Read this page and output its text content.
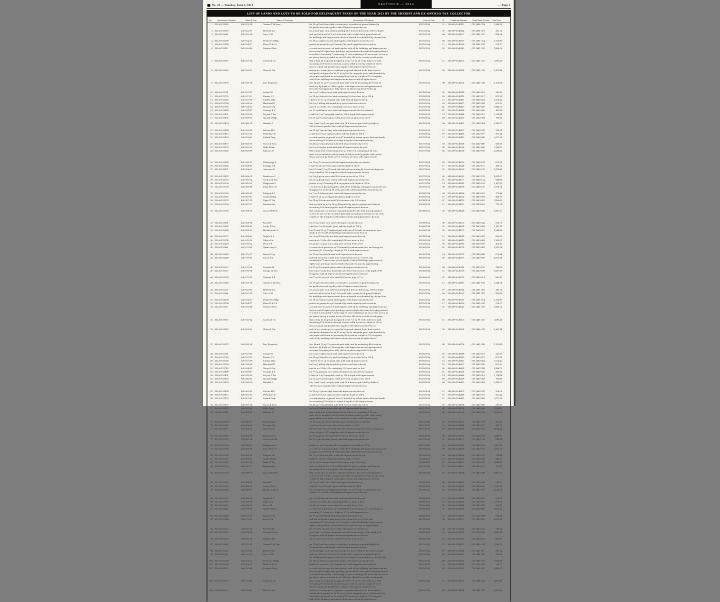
No. 24 — Tuesday, June 3, 2014	— Page 1
SECTION B — 1042
LIST OF LANDS AND LOTS TO BE SOLD FOR DELINQUENT TAXES OF THE YEAR 2013 BY THE SHERIFF AND EX-OFFICIO TAX COLLECTOR
No.	Assessment Number	Ward & Item	Name of Taxpayer	Description of Property	Date of Sale	Cl.	Certificate Number	Deed Book & Folio Total Due
1 2014-0112483	041-552-18	Abrams T & Sons	lot 12 sq 8 oak lawn subd a certain piece or portion of ground situated in
the parish aforesaid together with all improvements thereon
06/25/2014	12 2014-R-0148291	CB 2481-194	1,248.36
2 2014-0112507	041-553-02	Bellford Est	lot 4 sq 22 pine crest subd measuring 60 ft front on third st by 120 ft in depth	06/25/2014	07 2014-R-0148304	CB 2481-201	382.14
3 2014-0112541	041-553-19	Carro J M	und one half int in lot 9 sq 14 riverside add a certain lot of ground with all
the buildings and improvements thereon situated in sq bounded by elm and vine
06/25/2014	04 2014-R-0148317	CB 2481-207	964.50
4 2014-0112568	041-554-11	Delacroix Hldgs	lot 18 sq 3 fairview park subd together with improvements thereon	06/25/2014	09 2014-R-0148322	CB 2481-214	1,730.92
5 2014-0112594	041-554-37	Ebsen R & Co	portion of ground in sq 41 bounded by canal magnolia and second sts	06/25/2014	11 2014-R-0148336	CB 2481-220	518.77
6 2014-0112611	041-555-08	Fontenot Bros	a certain tract or parcel of land together with all the buildings and improvements
thereon and all rights ways privileges and servitudes thereunto belonging situated
in section 14 township 7 south range 11 east containing 2.45 acres more or less as
per plat of survey recorded in cob 412 folio 188 of the records of said parish
06/25/2014	03 2014-R-0148341	CB 2481-226	2,804.13
7 2014-0112637	041-555-24	Garrity & Co	that certain lot of ground designated as lot 7 of sq 19 of the belleview subd
measuring 50 ft front on chestnut st same width in rear by a depth of 150 ft
between equal and parallel lines together with improvements thereon
06/25/2014	15 2014-R-0148355	CB 2481-233	1,092.40
8 2014-0112652	041-556-01	Hebert L Est	und int in a certain piece or portion of ground situated in the third ward of
said parish designated as lot 22 of sq 8 of the magnolia grove subd bounded by
oak poplar and fourth sts measuring 60 ft front by a depth of 135 ft together
with all the buildings and improvements thereon and all rights thereto
06/25/2014	03 2014-R-0148368	CB 2481-239	3,415.88
9 2014-0112679	041-556-18	Istre Properties	lots 14 and 15 sq 27 crestwood park subd each lot measuring 40 ft front on
birch ave by depth of 110 ft together with improvements and appurtenances
thereunto belonging more fully shown on plat in map book 9 folio 44
06/25/2014	08 2014-R-0148374	CB 2481-246	2,156.09
10 2014-0112701	041-557-03	Jenlain M	lot 3 sq 12 willow bend subd with improvements thereon	06/26/2014	02 2014-R-0148389	CB 2482-011	241.65
11 2014-0112726	041-557-21	Kastner P J	lot 29 sq 6 lakeside terr subd measuring 55 ft on shore dr by 125 ft	06/26/2014	05 2014-R-0148395	CB 2482-017	873.20
12 2014-0112748	041-557-39	Labiche Rlty	s half of lot 11 sq 31 grand oaks subd with all improvements	06/26/2014	13 2014-R-0148401	CB 2482-024	1,510.45
13 2014-0112764	041-558-14	Marchand D	lot 8 sq 2 hilltop add bounded by first second and cedar sts	06/26/2014	10 2014-R-0148417	CB 2482-030	655.31
14 2014-0112785	041-558-32	Norwell Grp	tract in sec 22 t8s r12e containing 1.10 acres more or less	06/26/2014	06 2014-R-0148423	CB 2482-038	1,984.72
15 2014-0112809	041-559-07	Ocampo R V	lot 17 sq 44 bayou view subd with improvements thereon situated	06/26/2014	01 2014-R-0148438	CB 2482-045	432.96
16 2014-0112831	041-559-26	Prejean T Est	n half lot 5 sq 9 sunnydale subd by 130 ft depth with improvements	06/26/2014	14 2014-R-0148444	CB 2482-051	1,118.08
17 2014-0112856	041-560-02	Quentin Hldgs	lot 31 sq 18 orchard grove subd 45 ft front on plum st by 115 ft	06/26/2014	09 2014-R-0148459	CB 2482-058	766.83
18 2014-0112874	041-560-19	Rabalais J	lots 1 and 2 sq 5 east gate subd each 50 ft front on gate blvd by depth of
140 ft between parallel lines with all improvements thereon
06/26/2014	04 2014-R-0148465	CB 2482-064	2,390.57
19 2014-0112898	041-561-05	Soileau M E	lot 26 sq 13 pecan ridge subd with improvements thereon	06/26/2014	12 2014-R-0148471	CB 2482-070	354.29
20 2014-0112915	041-561-23	Thibodaux R	w half lot 19 sq 7 cypress hollow subd by depth of 120 ft	06/26/2014	07 2014-R-0148486	CB 2482-077	927.44
21 2014-0112933	041-561-41	Unland Prop	a certain portion of ground in sq 52 bounded by walnut spruce third and fourth
sts measuring 62 ft front on walnut st together with improvements
06/26/2014	11 2014-R-0148492	CB 2482-083	1,675.10
22 2014-0112957	041-562-16	Verret & Sons	lot 40 sq 21 meadowlark subd 50 ft front on lark ln by 125 ft	06/27/2014	03 2014-R-0148508	CB 2482-090	582.66
23 2014-0112979	041-562-34	Wiltz Estate	lot 6 sq 10 harbor point subd with all improvements thereon	06/27/2014	08 2014-R-0148514	CB 2482-096	1,246.91
24 2014-0113002	041-563-09	Ximenes R	that certain tract of land situated in sec 8 t9s r13e containing 3.20 acres
more or less bounded north by lands of dubois south by public road east by
bayou and west by lands now or formerly of carter with improvements
06/27/2014	05 2014-R-0148529	CB 2482-103	3,028.35
25 2014-0113028	041-563-27	Yarborough L	lot 13 sq 35 rosewood add with improvements thereon situated	06/27/2014	02 2014-R-0148535	CB 2482-109	815.58
26 2014-0113046	041-564-03	Zeringue Est	e half lot 24 sq 16 twin oaks subd by depth of 128 ft	06/27/2014	15 2014-R-0148540	CB 2482-115	469.12
27 2014-0113071	041-564-21	Arcement B	lots 9 10 and 11 sq 29 south side add each measuring 40 ft front on dorgenois
st by a depth of 105 ft together with all improvements thereon
06/27/2014	10 2014-R-0148556	CB 2482-122	2,874.46
28 2014-0113095	041-564-39	Boudreaux C	lot 2 sq 4 green acres subd 60 ft front on fern st by 132 ft	06/27/2014	06 2014-R-0148562	CB 2482-128	1,039.27
29 2014-0113118	041-565-14	Credeur & Fils	lot 35 sq 40 lakeshore manor subd with improvements thereon	06/27/2014	01 2014-R-0148577	CB 2482-134	688.90
30 2014-0113134	041-565-32	Daigrepont S	portion of sq 61 fronting 48 ft on prytania st by depth of 118 ft	06/27/2014	14 2014-R-0148583	CB 2482-141	1,457.63
31 2014-0113159	041-566-08	Estay Bros Co	a certain lot of ground together with all the buildings and improvements thereon
designated as lot 20 sq 26 of the pine hills subd bounded by ash and elm sts
06/27/2014	09 2014-R-0148599	CB 2482-147	2,210.74
32 2014-0113183	041-566-26	Falgoust R J	lot 7 sq 55 belmont place subd with improvements thereon	06/28/2014	04 2014-R-0148604	CB 2483-012	376.48
33 2014-0113207	041-567-01	Gaudet Hldgs	n half lot 16 sq 12 ridgefield subd by depth of 122 ft	06/28/2014	12 2014-R-0148610	CB 2483-018	948.15
34 2014-0113229	041-567-19	Hymel T Est	lot 28 sq 33 fernwood subd 50 ft on moss st by 126 ft deep	06/28/2014	07 2014-R-0148625	CB 2483-025	1,604.82
35 2014-0113254	041-567-37	Istrouma Inv	und one third int in lot 14 sq 48 bounded by gravier palmyra and clark sts
measuring 58 ft front together with all improvements thereon
06/28/2014	11 2014-R-0148631	CB 2483-031	725.39
36 2014-0113278	041-568-12	Juneau M & W	that certain piece or portion of ground situated in the sixth ward designated
as lot 5 of sq 17 of the westmoreland subd measuring 55 ft front on vine st by
a depth of 145 ft together with improvements and appurtenances thereon
06/28/2014	03 2014-R-0148646	CB 2483-038	3,861.27
37 2014-0113301	041-568-30	Knecht P	lot 21 sq 2 arbor view subd with improvements thereon	06/28/2014	08 2014-R-0148652	CB 2483-044	530.71
38 2014-0113326	041-569-05	Lirette D Est	s half lot 3 sq 24 myrtle grove subd by depth of 119 ft	06/28/2014	05 2014-R-0148668	CB 2483-050	1,187.96
39 2014-0113348	041-569-23	Melancon & Co	lots 25 and 26 sq 37 highland park add each 42 ft front on summit ave by a
depth of 112 ft with all buildings and improvements thereon
06/28/2014	02 2014-R-0148673	CB 2483-057	2,549.60
40 2014-0113372	041-569-41	Naquin R L	lot 11 sq 30 bay side terr subd with improvements thereon	06/28/2014	15 2014-R-0148689	CB 2483-063	814.25
41 2014-0113396	041-570-16	Olivier Est	tract in sec 31 t6s r10e containing 0.88 acre more or less	06/28/2014	10 2014-R-0148695	CB 2483-069	1,366.53
42 2014-0113419	041-570-34	Picou J B	lot 44 sq 15 sunset acres subd 47 ft on dusk dr by 121 ft	06/30/2014	06 2014-R-0148700	CB 2483-076	452.87
43 2014-0113441	041-571-09	Quatrevingt S	a certain lot of ground in sq 72 bounded by annunciation race and orange sts
measuring 51 ft front by a depth of 127 ft with improvements
06/30/2014	01 2014-R-0148716	CB 2483-082	1,922.14
44 2014-0113466	041-571-27	Roussel Grp	lot 19 sq 9 brookfield subd with improvements thereon	06/30/2014	14 2014-R-0148722	CB 2483-089	673.48
45 2014-0113488	041-572-02	Savoie Est	und half int in that certain tract of land situated in sec 19 t10s r14e
containing 4.75 acres more or less together with all buildings improvements
rights ways privileges and servitudes thereunto in anywise appertaining
06/30/2014	09 2014-R-0148737	CB 2483-095	4,812.90
46 2014-0113512	041-572-20	Trosclair M	lot 33 sq 28 colonial manor subd with improvements thereon	06/30/2014	04 2014-R-0148743	CB 2483-102	298.36
47 2014-0113537	041-572-38	Uriegas & Son	lots 6 and 7 sq 34 river bend add each 38 ft front on levee rd by depth of 98
ft together with all improvements and appurtenances thereon
06/30/2014	12 2014-R-0148759	CB 2483-108	2,087.69
48 2014-0113559	041-573-13	Vicknair P E	lot 27 sq 50 crescent view subd 49 ft on arc st by 117 ft	06/30/2014	07 2014-R-0148765	CB 2483-114	941.02
49 2014-0112483	041-552-18	Abrams T & Sons	lot 12 sq 8 oak lawn subd a certain piece or portion of ground situated in
the parish aforesaid together with all improvements thereon
06/25/2014	12 2014-R-0148291	CB 2481-194	1,248.36
50 2014-0112507	041-553-02	Bellford Est	lot 4 sq 22 pine crest subd measuring 60 ft front on third st by 120 ft in depth	06/25/2014	07 2014-R-0148304	CB 2481-201	382.14
51 2014-0112541	041-553-19	Carro J M	und one half int in lot 9 sq 14 riverside add a certain lot of ground with all
the buildings and improvements thereon situated in sq bounded by elm and vine
06/25/2014	04 2014-R-0148317	CB 2481-207	964.50
52 2014-0112568	041-554-11	Delacroix Hldgs	lot 18 sq 3 fairview park subd together with improvements thereon	06/25/2014	09 2014-R-0148322	CB 2481-214	1,730.92
53 2014-0112594	041-554-37	Ebsen R & Co	portion of ground in sq 41 bounded by canal magnolia and second sts	06/25/2014	11 2014-R-0148336	CB 2481-220	518.77
54 2014-0112611	041-555-08	Fontenot Bros	a certain tract or parcel of land together with all the buildings and improvements
thereon and all rights ways privileges and servitudes thereunto belonging situated
in section 14 township 7 south range 11 east containing 2.45 acres more or less as
per plat of survey recorded in cob 412 folio 188 of the records of said parish
06/25/2014	03 2014-R-0148341	CB 2481-226	2,804.13
55 2014-0112637	041-555-24	Garrity & Co	that certain lot of ground designated as lot 7 of sq 19 of the belleview subd
measuring 50 ft front on chestnut st same width in rear by a depth of 150 ft
between equal and parallel lines together with improvements thereon
06/25/2014	15 2014-R-0148355	CB 2481-233	1,092.40
56 2014-0112652	041-556-01	Hebert L Est	und int in a certain piece or portion of ground situated in the third ward of
said parish designated as lot 22 of sq 8 of the magnolia grove subd bounded by
oak poplar and fourth sts measuring 60 ft front by a depth of 135 ft together
with all the buildings and improvements thereon and all rights thereto
06/25/2014	03 2014-R-0148368	CB 2481-239	3,415.88
57 2014-0112679	041-556-18	Istre Properties	lots 14 and 15 sq 27 crestwood park subd each lot measuring 40 ft front on
birch ave by depth of 110 ft together with improvements and appurtenances
thereunto belonging more fully shown on plat in map book 9 folio 44
06/25/2014	08 2014-R-0148374	CB 2481-246	2,156.09
58 2014-0112701	041-557-03	Jenlain M	lot 3 sq 12 willow bend subd with improvements thereon	06/26/2014	02 2014-R-0148389	CB 2482-011	241.65
59 2014-0112726	041-557-21	Kastner P J	lot 29 sq 6 lakeside terr subd measuring 55 ft on shore dr by 125 ft	06/26/2014	05 2014-R-0148395	CB 2482-017	873.20
60 2014-0112748	041-557-39	Labiche Rlty	s half of lot 11 sq 31 grand oaks subd with all improvements	06/26/2014	13 2014-R-0148401	CB 2482-024	1,510.45
61 2014-0112764	041-558-14	Marchand D	lot 8 sq 2 hilltop add bounded by first second and cedar sts	06/26/2014	10 2014-R-0148417	CB 2482-030	655.31
62 2014-0112785	041-558-32	Norwell Grp	tract in sec 22 t8s r12e containing 1.10 acres more or less	06/26/2014	06 2014-R-0148423	CB 2482-038	1,984.72
63 2014-0112809	041-559-07	Ocampo R V	lot 17 sq 44 bayou view subd with improvements thereon situated	06/26/2014	01 2014-R-0148438	CB 2482-045	432.96
64 2014-0112831	041-559-26	Prejean T Est	n half lot 5 sq 9 sunnydale subd by 130 ft depth with improvements	06/26/2014	14 2014-R-0148444	CB 2482-051	1,118.08
65 2014-0112856	041-560-02	Quentin Hldgs	lot 31 sq 18 orchard grove subd 45 ft front on plum st by 115 ft	06/26/2014	09 2014-R-0148459	CB 2482-058	766.83
66 2014-0112874	041-560-19	Rabalais J	lots 1 and 2 sq 5 east gate subd each 50 ft front on gate blvd by depth of
140 ft between parallel lines with all improvements thereon
06/26/2014	04 2014-R-0148465	CB 2482-064	2,390.57
67 2014-0112898	041-561-05	Soileau M E	lot 26 sq 13 pecan ridge subd with improvements thereon	06/26/2014	12 2014-R-0148471	CB 2482-070	354.29
68 2014-0112915	041-561-23	Thibodaux R	w half lot 19 sq 7 cypress hollow subd by depth of 120 ft	06/26/2014	07 2014-R-0148486	CB 2482-077	927.44
69 2014-0112933	041-561-41	Unland Prop	a certain portion of ground in sq 52 bounded by walnut spruce third and fourth
sts measuring 62 ft front on walnut st together with improvements
06/26/2014	11 2014-R-0148492	CB 2482-083	1,675.10
70 2014-0112957	041-562-16	Verret & Sons	lot 40 sq 21 meadowlark subd 50 ft front on lark ln by 125 ft	06/27/2014	03 2014-R-0148508	CB 2482-090	582.66
71 2014-0112979	041-562-34	Wiltz Estate	lot 6 sq 10 harbor point subd with all improvements thereon	06/27/2014	08 2014-R-0148514	CB 2482-096	1,246.91
72 2014-0113002	041-563-09	Ximenes R	that certain tract of land situated in sec 8 t9s r13e containing 3.20 acres
more or less bounded north by lands of dubois south by public road east by
bayou and west by lands now or formerly of carter with improvements
06/27/2014	05 2014-R-0148529	CB 2482-103	3,028.35
73 2014-0113028	041-563-27	Yarborough L	lot 13 sq 35 rosewood add with improvements thereon situated	06/27/2014	02 2014-R-0148535	CB 2482-109	815.58
74 2014-0113046	041-564-03	Zeringue Est	e half lot 24 sq 16 twin oaks subd by depth of 128 ft	06/27/2014	15 2014-R-0148540	CB 2482-115	469.12
75 2014-0113071	041-564-21	Arcement B	lots 9 10 and 11 sq 29 south side add each measuring 40 ft front on dorgenois
st by a depth of 105 ft together with all improvements thereon
06/27/2014	10 2014-R-0148556	CB 2482-122	2,874.46
76 2014-0113095	041-564-39	Boudreaux C	lot 2 sq 4 green acres subd 60 ft front on fern st by 132 ft	06/27/2014	06 2014-R-0148562	CB 2482-128	1,039.27
77 2014-0113118	041-565-14	Credeur & Fils	lot 35 sq 40 lakeshore manor subd with improvements thereon	06/27/2014	01 2014-R-0148577	CB 2482-134	688.90
78 2014-0113134	041-565-32	Daigrepont S	portion of sq 61 fronting 48 ft on prytania st by depth of 118 ft	06/27/2014	14 2014-R-0148583	CB 2482-141	1,457.63
79 2014-0113159	041-566-08	Estay Bros Co	a certain lot of ground together with all the buildings and improvements thereon
designated as lot 20 sq 26 of the pine hills subd bounded by ash and elm sts
06/27/2014	09 2014-R-0148599	CB 2482-147	2,210.74
80 2014-0113183	041-566-26	Falgoust R J	lot 7 sq 55 belmont place subd with improvements thereon	06/28/2014	04 2014-R-0148604	CB 2483-012	376.48
81 2014-0113207	041-567-01	Gaudet Hldgs	n half lot 16 sq 12 ridgefield subd by depth of 122 ft	06/28/2014	12 2014-R-0148610	CB 2483-018	948.15
82 2014-0113229	041-567-19	Hymel T Est	lot 28 sq 33 fernwood subd 50 ft on moss st by 126 ft deep	06/28/2014	07 2014-R-0148625	CB 2483-025	1,604.82
83 2014-0113254	041-567-37	Istrouma Inv	und one third int in lot 14 sq 48 bounded by gravier palmyra and clark sts
measuring 58 ft front together with all improvements thereon
06/28/2014	11 2014-R-0148631	CB 2483-031	725.39
84 2014-0113278	041-568-12	Juneau M & W	that certain piece or portion of ground situated in the sixth ward designated
as lot 5 of sq 17 of the westmoreland subd measuring 55 ft front on vine st by
a depth of 145 ft together with improvements and appurtenances thereon
06/28/2014	03 2014-R-0148646	CB 2483-038	3,861.27
85 2014-0113301	041-568-30	Knecht P	lot 21 sq 2 arbor view subd with improvements thereon	06/28/2014	08 2014-R-0148652	CB 2483-044	530.71
86 2014-0113326	041-569-05	Lirette D Est	s half lot 3 sq 24 myrtle grove subd by depth of 119 ft	06/28/2014	05 2014-R-0148668	CB 2483-050	1,187.96
87 2014-0113348	041-569-23	Melancon & Co	lots 25 and 26 sq 37 highland park add each 42 ft front on summit ave by a
depth of 112 ft with all buildings and improvements thereon
06/28/2014	02 2014-R-0148673	CB 2483-057	2,549.60
88 2014-0113372	041-569-41	Naquin R L	lot 11 sq 30 bay side terr subd with improvements thereon	06/28/2014	15 2014-R-0148689	CB 2483-063	814.25
89 2014-0113396	041-570-16	Olivier Est	tract in sec 31 t6s r10e containing 0.88 acre more or less	06/28/2014	10 2014-R-0148695	CB 2483-069	1,366.53
90 2014-0113419	041-570-34	Picou J B	lot 44 sq 15 sunset acres subd 47 ft on dusk dr by 121 ft	06/30/2014	06 2014-R-0148700	CB 2483-076	452.87
91 2014-0113441	041-571-09	Quatrevingt S	a certain lot of ground in sq 72 bounded by annunciation race and orange sts
measuring 51 ft front by a depth of 127 ft with improvements
06/30/2014	01 2014-R-0148716	CB 2483-082	1,922.14
92 2014-0113466	041-571-27	Roussel Grp	lot 19 sq 9 brookfield subd with improvements thereon	06/30/2014	14 2014-R-0148722	CB 2483-089	673.48
93 2014-0113488	041-572-02	Savoie Est	und half int in that certain tract of land situated in sec 19 t10s r14e
containing 4.75 acres more or less together with all buildings improvements
rights ways privileges and servitudes thereunto in anywise appertaining
06/30/2014	09 2014-R-0148737	CB 2483-095	4,812.90
94 2014-0113512	041-572-20	Trosclair M	lot 33 sq 28 colonial manor subd with improvements thereon	06/30/2014	04 2014-R-0148743	CB 2483-102	298.36
95 2014-0113537	041-572-38	Uriegas & Son	lots 6 and 7 sq 34 river bend add each 38 ft front on levee rd by depth of 98
ft together with all improvements and appurtenances thereon
06/30/2014	12 2014-R-0148759	CB 2483-108	2,087.69
96 2014-0113559	041-573-13	Vicknair P E	lot 27 sq 50 crescent view subd 49 ft on arc st by 117 ft	06/30/2014	07 2014-R-0148765	CB 2483-114	941.02
97 2014-0112483	041-552-18	Abrams T & Sons	lot 12 sq 8 oak lawn subd a certain piece or portion of ground situated in
the parish aforesaid together with all improvements thereon
06/25/2014	12 2014-R-0148291	CB 2481-194	1,248.36
98 2014-0112507	041-553-02	Bellford Est	lot 4 sq 22 pine crest subd measuring 60 ft front on third st by 120 ft in depth	06/25/2014	07 2014-R-0148304	CB 2481-201	382.14
99 2014-0112541	041-553-19	Carro J M	und one half int in lot 9 sq 14 riverside add a certain lot of ground with all
the buildings and improvements thereon situated in sq bounded by elm and vine
06/25/2014	04 2014-R-0148317	CB 2481-207	964.50
100 2014-0112568	041-554-11	Delacroix Hldgs	lot 18 sq 3 fairview park subd together with improvements thereon	06/25/2014	09 2014-R-0148322	CB 2481-214	1,730.92
101 2014-0112594	041-554-37	Ebsen R & Co	portion of ground in sq 41 bounded by canal magnolia and second sts	06/25/2014	11 2014-R-0148336	CB 2481-220	518.77
102 2014-0112611	041-555-08	Fontenot Bros	a certain tract or parcel of land together with all the buildings and improvements
thereon and all rights ways privileges and servitudes thereunto belonging situated
in section 14 township 7 south range 11 east containing 2.45 acres more or less as
per plat of survey recorded in cob 412 folio 188 of the records of said parish
06/25/2014	03 2014-R-0148341	CB 2481-226	2,804.13
103 2014-0112637	041-555-24	Garrity & Co	that certain lot of ground designated as lot 7 of sq 19 of the belleview subd
measuring 50 ft front on chestnut st same width in rear by a depth of 150 ft
between equal and parallel lines together with improvements thereon
06/25/2014	15 2014-R-0148355	CB 2481-233	1,092.40
104 2014-0112652	041-556-01	Hebert L Est	und int in a certain piece or portion of ground situated in the third ward of
said parish designated as lot 22 of sq 8 of the magnolia grove subd bounded by
oak poplar and fourth sts measuring 60 ft front by a depth of 135 ft together
with all the buildings and improvements thereon and all rights thereto
06/25/2014	03 2014-R-0148368	CB 2481-239	3,415.88
